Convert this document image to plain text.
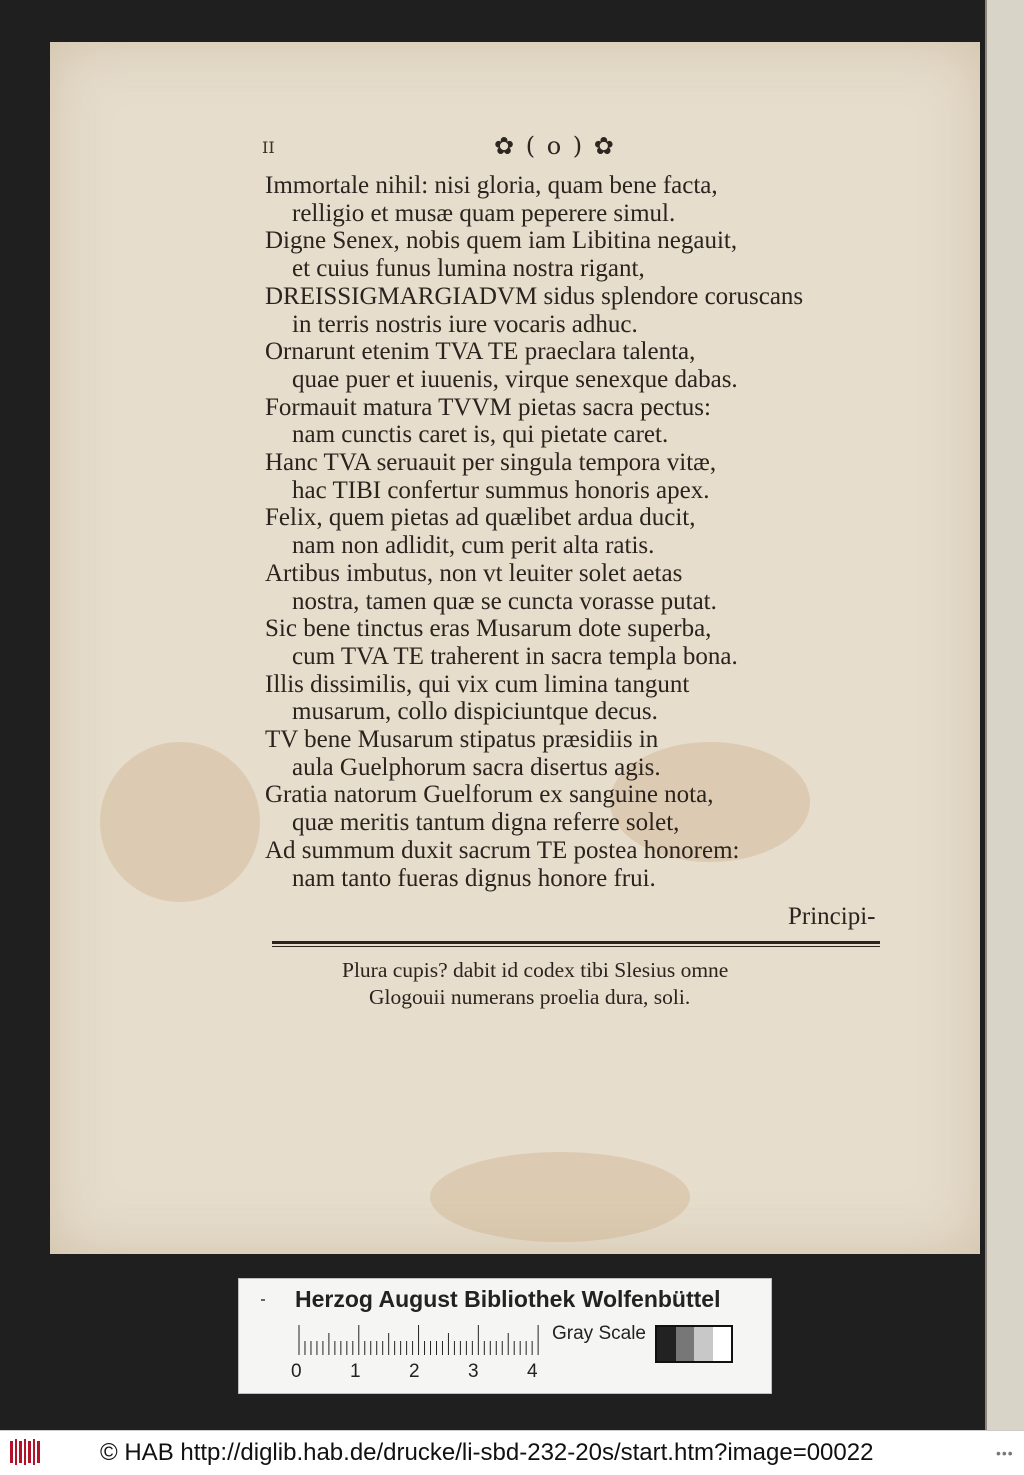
II	✿ ( o ) ✿
Immortale nihil: nisi gloria, quam bene facta,
relligio et musæ quam peperere simul.
Digne Senex, nobis quem iam Libitina negauit,
et cuius funus lumina nostra rigant,
DREISSIGMARGIADVM sidus splendore coruscans
in terris nostris iure vocaris adhuc.
Ornarunt etenim TVA TE praeclara talenta,
quae puer et iuuenis, virque senexque dabas.
Formauit matura TVVM pietas sacra pectus:
nam cunctis caret is, qui pietate caret.
Hanc TVA seruauit per singula tempora vitæ,
hac TIBI confertur summus honoris apex.
Felix, quem pietas ad quælibet ardua ducit,
nam non adlidit, cum perit alta ratis.
Artibus imbutus, non vt leuiter solet aetas
nostra, tamen quæ se cuncta vorasse putat.
Sic bene tinctus eras Musarum dote superba,
cum TVA TE traherent in sacra templa bona.
Illis dissimilis, qui vix cum limina tangunt
musarum, collo dispiciuntque decus.
TV bene Musarum stipatus præsidiis in
aula Guelphorum sacra disertus agis.
Gratia natorum Guelforum ex sanguine nota,
quæ meritis tantum digna referre solet,
Ad summum duxit sacrum TE postea honorem:
nam tanto fueras dignus honore frui.
Principi-
Plura cupis? dabit id codex tibi Slesius omne
Glogouii numerans proelia dura, soli.
Herzog August Bibliothek Wolfenbüttel
0	1	2	3	4
Gray Scale
© HAB http://diglib.hab.de/drucke/li-sbd-232-20s/start.htm?image=00022	•••
